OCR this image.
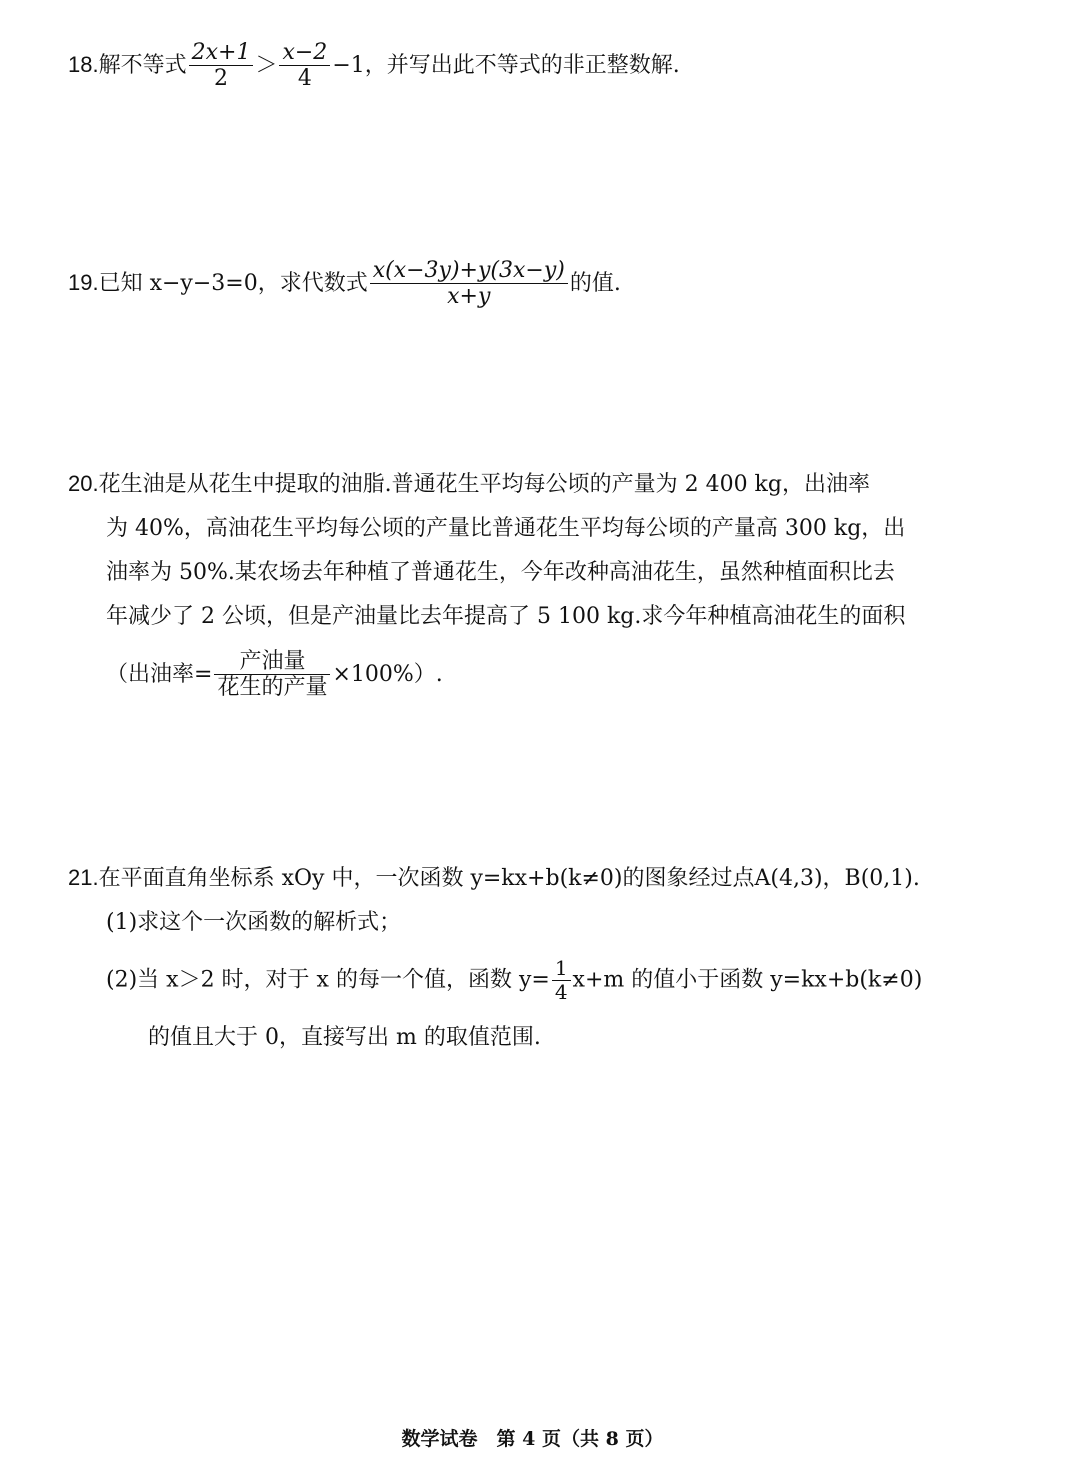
18.解不等式 $\frac{2x+1}{2} > \frac{x-2}{4} -1$，并写出此不等式的非正整数解.
19.已知 x−y−3=0，求代数式 $\frac{x(x-3y)+y(3x-y)}{x+y}$ 的值.
20.花生油是从花生中提取的油脂.普通花生平均每公顷的产量为 2 400 kg，出油率
为 40%，高油花生平均每公顷的产量比普通花生平均每公顷的产量高 300 kg，出
油率为 50%.某农场去年种植了普通花生，今年改种高油花生，虽然种植面积比去
年减少了 2 公顷，但是产油量比去年提高了 5 100 kg.求今年种植高油花生的面积
（出油率= $\frac{\text{产油量}}{\text{花生的产量}} \times 100\%$）.
21.在平面直角坐标系 xOy 中，一次函数 y=kx+b(k≠0)的图象经过点A(4,3)，B(0,1).
(1)求这个一次函数的解析式；
(2)当 x＞2 时，对于 x 的每一个值，函数 $y= \frac{1}{4} x+m$ 的值小于函数 y=kx+b(k≠0)
的值且大于 0，直接写出 m 的取值范围.
数学试卷　第 4 页（共 8 页）
